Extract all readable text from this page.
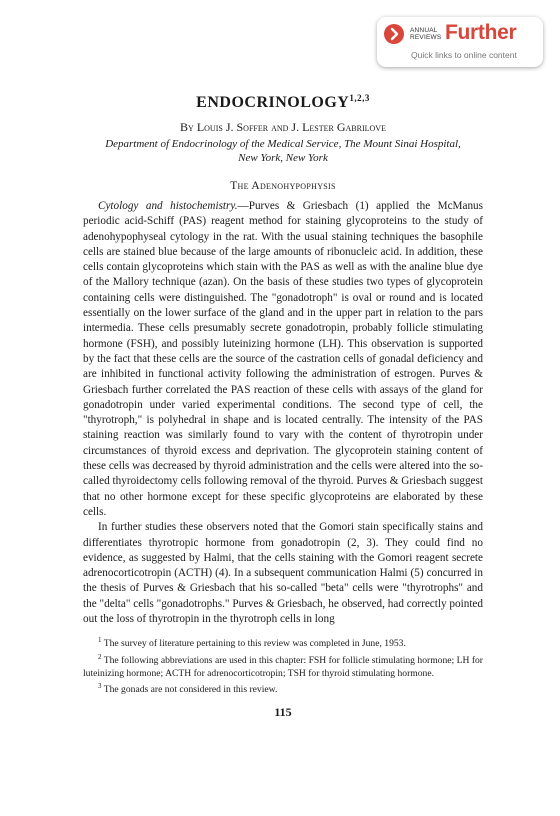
ANNUAL
REVIEWS Further
Quick links to online content
ENDOCRINOLOGY$^{1,2,3}$
By Louis J. Soffer and J. Lester Gabrilove
Department of Endocrinology of the Medical Service, The Mount Sinai Hospital,
New York, New York
The Adenohypophysis

Cytology and histochemistry.—Purves & Griesbach (1) applied the McManus periodic acid-Schiff (PAS) reagent method for staining glycoproteins to the study of adenohypophyseal cytology in the rat. With the usual staining techniques the basophile cells are stained blue because of the large amounts of ribonucleic acid. In addition, these cells contain glycoproteins which stain with the PAS as well as with the analine blue dye of the Mallory technique (azan). On the basis of these studies two types of glycoprotein containing cells were distinguished. The "gonadotroph" is oval or round and is located essentially on the lower surface of the gland and in the upper part in relation to the pars intermedia. These cells presumably secrete gonadotropin, probably follicle stimulating hormone (FSH), and possibly luteinizing hormone (LH). This observation is supported by the fact that these cells are the source of the castration cells of gonadal deficiency and are inhibited in functional activity following the administration of estrogen. Purves & Griesbach further correlated the PAS reaction of these cells with assays of the gland for gonadotropin under varied experimental conditions. The second type of cell, the "thyrotroph," is polyhedral in shape and is located centrally. The intensity of the PAS staining reaction was similarly found to vary with the content of thyrotropin under circumstances of thyroid excess and deprivation. The glycoprotein staining content of these cells was decreased by thyroid administration and the cells were altered into the so-called thyroidectomy cells following removal of the thyroid. Purves & Griesbach suggest that no other hormone except for these specific glycoproteins are elaborated by these cells.

In further studies these observers noted that the Gomori stain specifically stains and differentiates thyrotropic hormone from gonadotropin (2, 3). They could find no evidence, as suggested by Halmi, that the cells staining with the Gomori reagent secrete adrenocorticotropin (ACTH) (4). In a subsequent communication Halmi (5) concurred in the thesis of Purves & Griesbach that his so-called "beta" cells were "thyrotrophs" and the "delta" cells "gonadotrophs." Purves & Griesbach, he observed, had correctly pointed out the loss of thyrotropin in the thyrotroph cells in long

$^1$ The survey of literature pertaining to this review was completed in June, 1953.

$^2$ The following abbreviations are used in this chapter: FSH for follicle stimulating hormone; LH for luteinizing hormone; ACTH for adrenocorticotropin; TSH for thyroid stimulating hormone.

$^3$ The gonads are not considered in this review.

115
